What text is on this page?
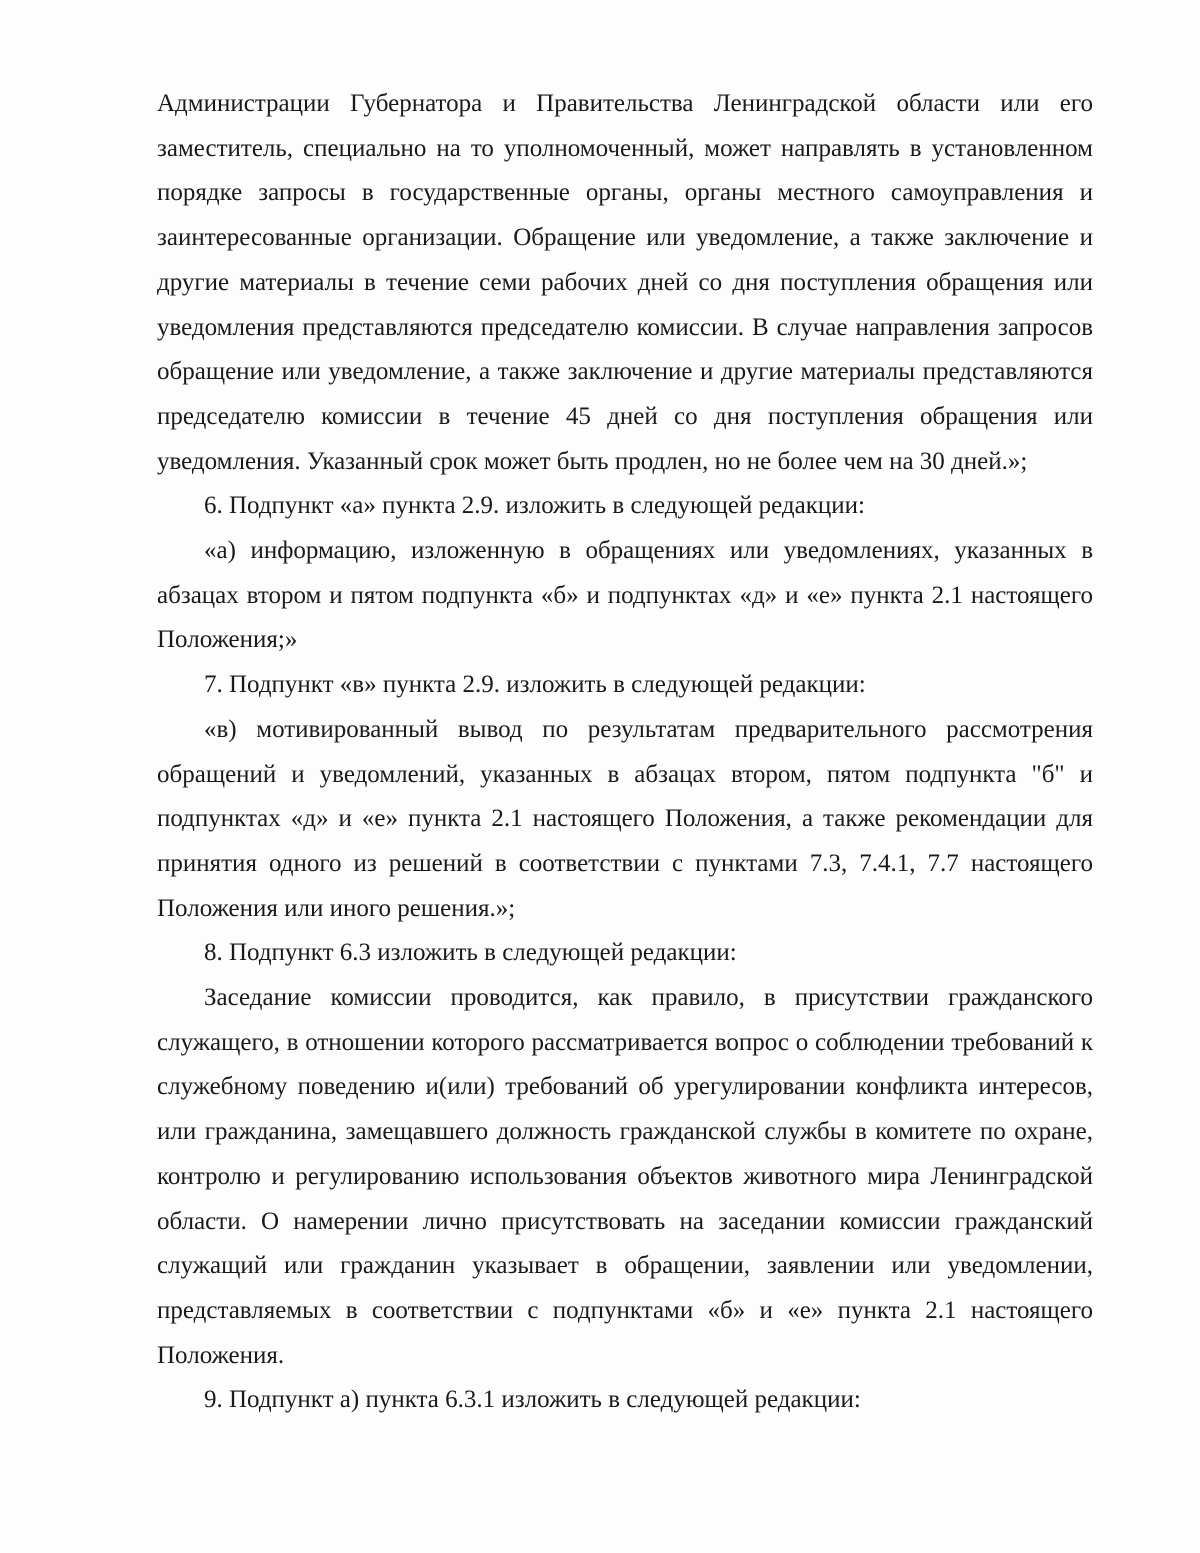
Администрации Губернатора и Правительства Ленинградской области или его заместитель, специально на то уполномоченный, может направлять в установленном порядке запросы в государственные органы, органы местного самоуправления и заинтересованные организации. Обращение или уведомление, а также заключение и другие материалы в течение семи рабочих дней со дня поступления обращения или уведомления представляются председателю комиссии. В случае направления запросов обращение или уведомление, а также заключение и другие материалы представляются председателю комиссии в течение 45 дней со дня поступления обращения или уведомления. Указанный срок может быть продлен, но не более чем на 30 дней.»;

6. Подпункт «а» пункта 2.9. изложить в следующей редакции:

«а) информацию, изложенную в обращениях или уведомлениях, указанных в абзацах втором и пятом подпункта «б» и подпунктах «д» и «е» пункта 2.1 настоящего Положения;»

7. Подпункт «в» пункта 2.9. изложить в следующей редакции:

«в) мотивированный вывод по результатам предварительного рассмотрения обращений и уведомлений, указанных в абзацах втором, пятом подпункта "б" и подпунктах «д» и «е» пункта 2.1 настоящего Положения, а также рекомендации для принятия одного из решений в соответствии с пунктами 7.3, 7.4.1, 7.7 настоящего Положения или иного решения.»;

8. Подпункт 6.3 изложить в следующей редакции:

Заседание комиссии проводится, как правило, в присутствии гражданского служащего, в отношении которого рассматривается вопрос о соблюдении требований к служебному поведению и(или) требований об урегулировании конфликта интересов, или гражданина, замещавшего должность гражданской службы в комитете по охране, контролю и регулированию использования объектов животного мира Ленинградской области. О намерении лично присутствовать на заседании комиссии гражданский служащий или гражданин указывает в обращении, заявлении или уведомлении, представляемых в соответствии с подпунктами «б» и «е» пункта 2.1 настоящего Положения.

9. Подпункт а) пункта 6.3.1 изложить в следующей редакции:
